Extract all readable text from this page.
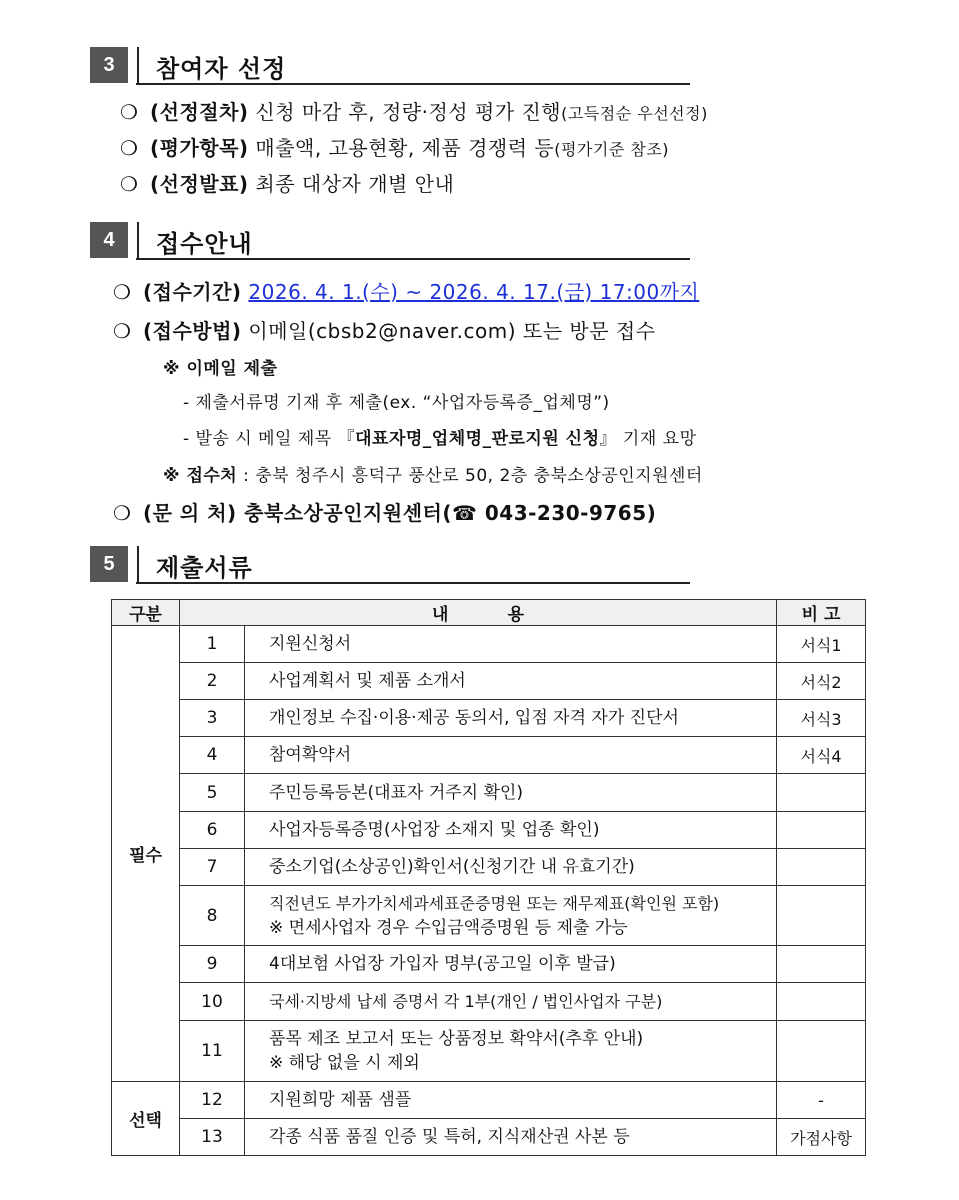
3	참여자 선정
❍ (선정절차) 신청 마감 후, 정량·정성 평가 진행(고득점순 우선선정)
❍ (평가항목) 매출액, 고용현황, 제품 경쟁력 등(평가기준 참조)
❍ (선정발표) 최종 대상자 개별 안내
4	접수안내
❍ (접수기간) 2026. 4. 1.(수) ~ 2026. 4. 17.(금) 17:00까지
❍ (접수방법) 이메일(cbsb2@naver.com) 또는 방문 접수
※ 이메일 제출
- 제출서류명 기재 후 제출(ex. “사업자등록증_업체명”)
- 발송 시 메일 제목 『대표자명_업체명_판로지원 신청』 기재 요망
※ 접수처 : 충북 청주시 흥덕구 풍산로 50, 2층 충북소상공인지원센터
❍ (문 의 처) 충북소상공인지원센터(☎ 043-230-9765)
5	제출서류
구분	내          용		비 고
필수	1	지원신청서	서식1
	2	사업계획서 및 제품 소개서	서식2
	3	개인정보 수집·이용·제공 동의서, 입점 자격 자가 진단서	서식3
	4	참여확약서	서식4
	5	주민등록등본(대표자 거주지 확인)	
	6	사업자등록증명(사업장 소재지 및 업종 확인)	
	7	중소기업(소상공인)확인서(신청기간 내 유효기간)	
	8	직전년도 부가가치세과세표준증명원 또는 재무제표(확인원 포함)
※ 면세사업자 경우 수입금액증명원 등 제출 가능	

	9	4대보험 사업장 가입자 명부(공고일 이후 발급)	
	10	국세·지방세 납세 증명서 각 1부(개인 / 법인사업자 구분)	
	11	품목 제조 보고서 또는 상품정보 확약서(추후 안내)
※ 해당 없을 시 제외	

선택	12	지원희망 제품 샘플	-
	13	각종 식품 품질 인증 및 특허, 지식재산권 사본 등	가점사항
